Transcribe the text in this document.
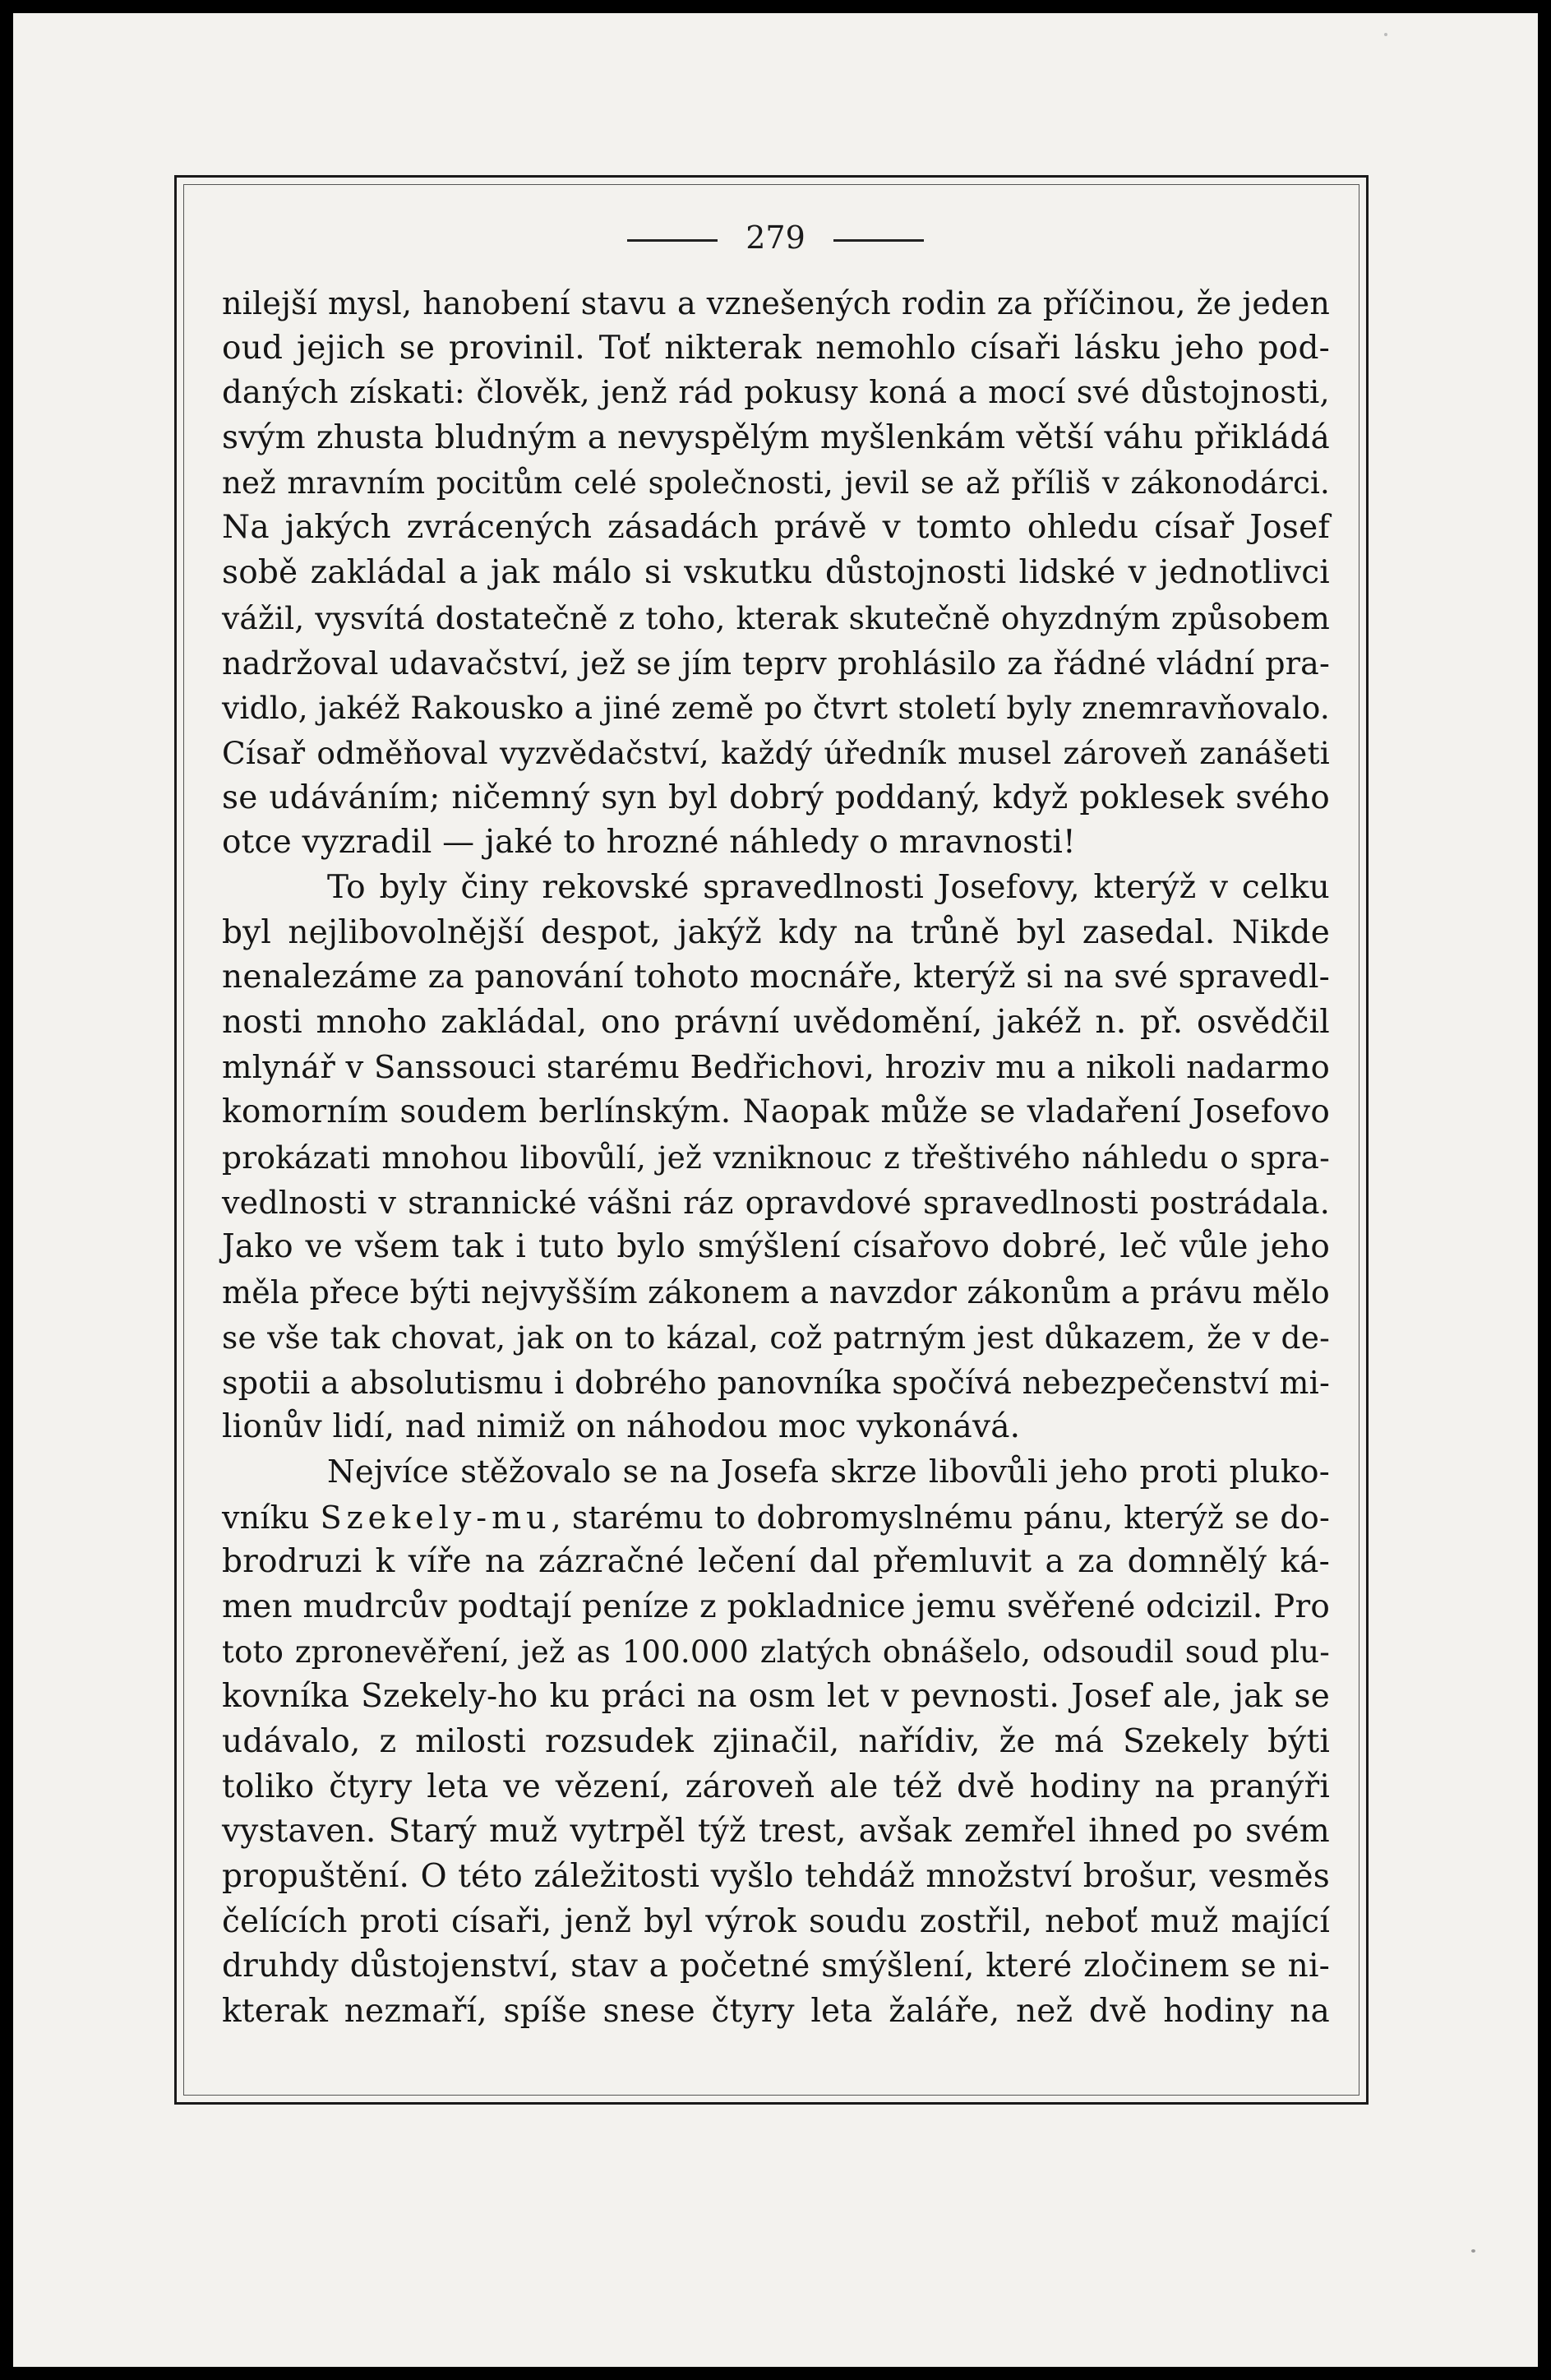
279
nilejší mysl, hanobení stavu a vznešených rodin za příčinou, že jeden
oud jejich se provinil. Toť nikterak nemohlo císaři lásku jeho pod-
daných získati: člověk, jenž rád pokusy koná a mocí své důstojnosti,
svým zhusta bludným a nevyspělým myšlenkám větší váhu přikládá
než mravním pocitům celé společnosti, jevil se až příliš v zákonodárci.
Na jakých zvrácených zásadách právě v tomto ohledu císař Josef
sobě zakládal a jak málo si vskutku důstojnosti lidské v jednotlivci
vážil, vysvítá dostatečně z toho, kterak skutečně ohyzdným způsobem
nadržoval udavačství, jež se jím teprv prohlásilo za řádné vládní pra-
vidlo, jakéž Rakousko a jiné země po čtvrt století byly znemravňovalo.
Císař odměňoval vyzvědačství, každý úředník musel zároveň zanášeti
se udáváním; ničemný syn byl dobrý poddaný, když poklesek svého
otce vyzradil — jaké to hrozné náhledy o mravnosti!
To byly činy rekovské spravedlnosti Josefovy, kterýž v celku
byl nejlibovolnější despot, jakýž kdy na trůně byl zasedal. Nikde
nenalezáme za panování tohoto mocnáře, kterýž si na své spravedl-
nosti mnoho zakládal, ono právní uvědomění, jakéž n. př. osvědčil
mlynář v Sanssouci starému Bedřichovi, hroziv mu a nikoli nadarmo
komorním soudem berlínským. Naopak může se vladaření Josefovo
prokázati mnohou libovůlí, jež vzniknouc z třeštivého náhledu o spra-
vedlnosti v strannické vášni ráz opravdové spravedlnosti postrádala.
Jako ve všem tak i tuto bylo smýšlení císařovo dobré, leč vůle jeho
měla přece býti nejvyšším zákonem a navzdor zákonům a právu mělo
se vše tak chovat, jak on to kázal, což patrným jest důkazem, že v de-
spotii a absolutismu i dobrého panovníka spočívá nebezpečenství mi-
lionův lidí, nad nimiž on náhodou moc vykonává.
Nejvíce stěžovalo se na Josefa skrze libovůli jeho proti pluko-
vníku Szekely-mu, starému to dobromyslnému pánu, kterýž se do-
brodruzi k víře na zázračné lečení dal přemluvit a za domnělý ká-
men mudrcův podtají peníze z pokladnice jemu svěřené odcizil. Pro
toto zpronevěření, jež as 100.000 zlatých obnášelo, odsoudil soud plu-
kovníka Szekely-ho ku práci na osm let v pevnosti. Josef ale, jak se
udávalo, z milosti rozsudek zjinačil, nařídiv, že má Szekely býti
toliko čtyry leta ve vězení, zároveň ale též dvě hodiny na pranýři
vystaven. Starý muž vytrpěl týž trest, avšak zemřel ihned po svém
propuštění. O této záležitosti vyšlo tehdáž množství brošur, vesměs
čelících proti císaři, jenž byl výrok soudu zostřil, neboť muž mající
druhdy důstojenství, stav a početné smýšlení, které zločinem se ni-
kterak nezmaří, spíše snese čtyry leta žaláře, než dvě hodiny na
